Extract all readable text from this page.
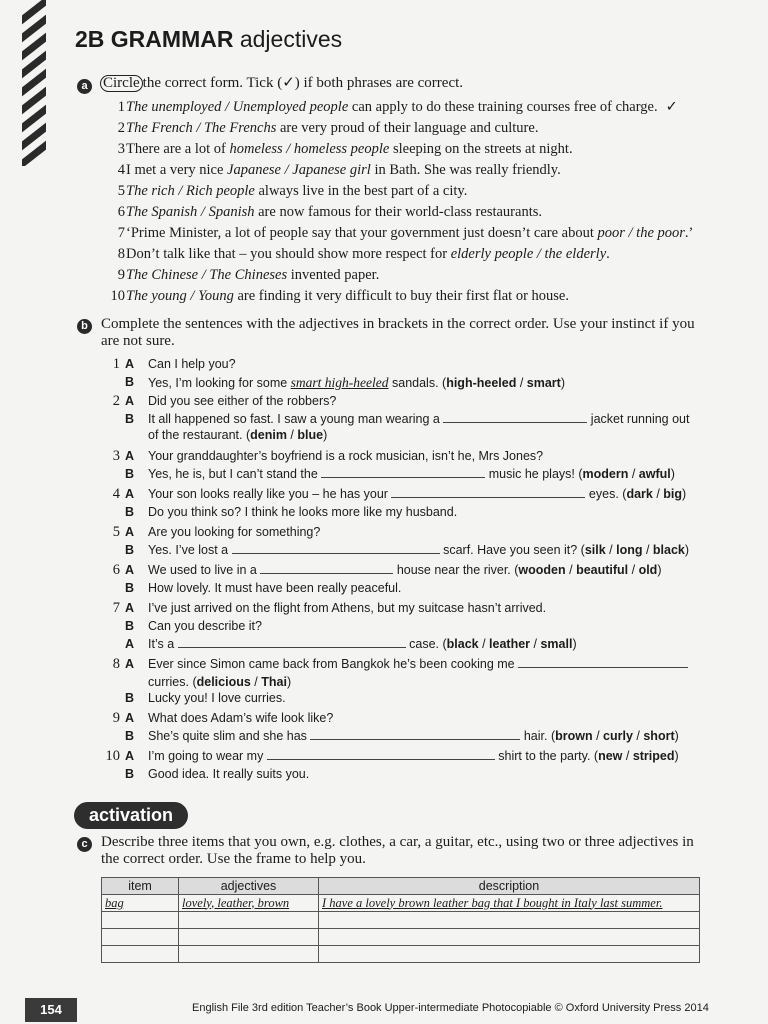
2B GRAMMAR adjectives
a Circle the correct form. Tick (✓) if both phrases are correct.
1 The unemployed / Unemployed people can apply to do these training courses free of charge. ✓
2 The French / The Frenchs are very proud of their language and culture.
3 There are a lot of homeless / homeless people sleeping on the streets at night.
4 I met a very nice Japanese / Japanese girl in Bath. She was really friendly.
5 The rich / Rich people always live in the best part of a city.
6 The Spanish / Spanish are now famous for their world-class restaurants.
7 ‘Prime Minister, a lot of people say that your government just doesn’t care about poor / the poor.’
8 Don’t talk like that – you should show more respect for elderly people / the elderly.
9 The Chinese / The Chineses invented paper.
10 The young / Young are finding it very difficult to buy their first flat or house.
b Complete the sentences with the adjectives in brackets in the correct order. Use your instinct if you are not sure.
1 A Can I help you?
B Yes, I’m looking for some smart high-heeled sandals. (high-heeled / smart)
2 A Did you see either of the robbers?
B It all happened so fast. I saw a young man wearing a	jacket running out
of the restaurant. (denim / blue)
3 A Your granddaughter’s boyfriend is a rock musician, isn’t he, Mrs Jones?
B Yes, he is, but I can’t stand the	music he plays! (modern / awful)
4 A Your son looks really like you – he has your	eyes. (dark / big)
B Do you think so? I think he looks more like my husband.
5 A Are you looking for something?
B Yes. I’ve lost a	scarf. Have you seen it? (silk / long / black)
6 A We used to live in a	house near the river. (wooden / beautiful / old)
B How lovely. It must have been really peaceful.
7 A I’ve just arrived on the flight from Athens, but my suitcase hasn’t arrived.
B Can you describe it?
A It’s a	case. (black / leather / small)
8 A Ever since Simon came back from Bangkok he’s been cooking me
curries. (delicious / Thai)
B Lucky you! I love curries.
9 A What does Adam’s wife look like?
B She’s quite slim and she has	hair. (brown / curly / short)
10 A I’m going to wear my	shirt to the party. (new / striped)
B Good idea. It really suits you.
activation
c Describe three items that you own, e.g. clothes, a car, a guitar, etc., using two or three adjectives in the correct order. Use the frame to help you.
item	adjectives	description
bag	lovely, leather, brown	I have a lovely brown leather bag that I bought in Italy last summer.

154	English File 3rd edition Teacher’s Book Upper-intermediate Photocopiable © Oxford University Press 2014
